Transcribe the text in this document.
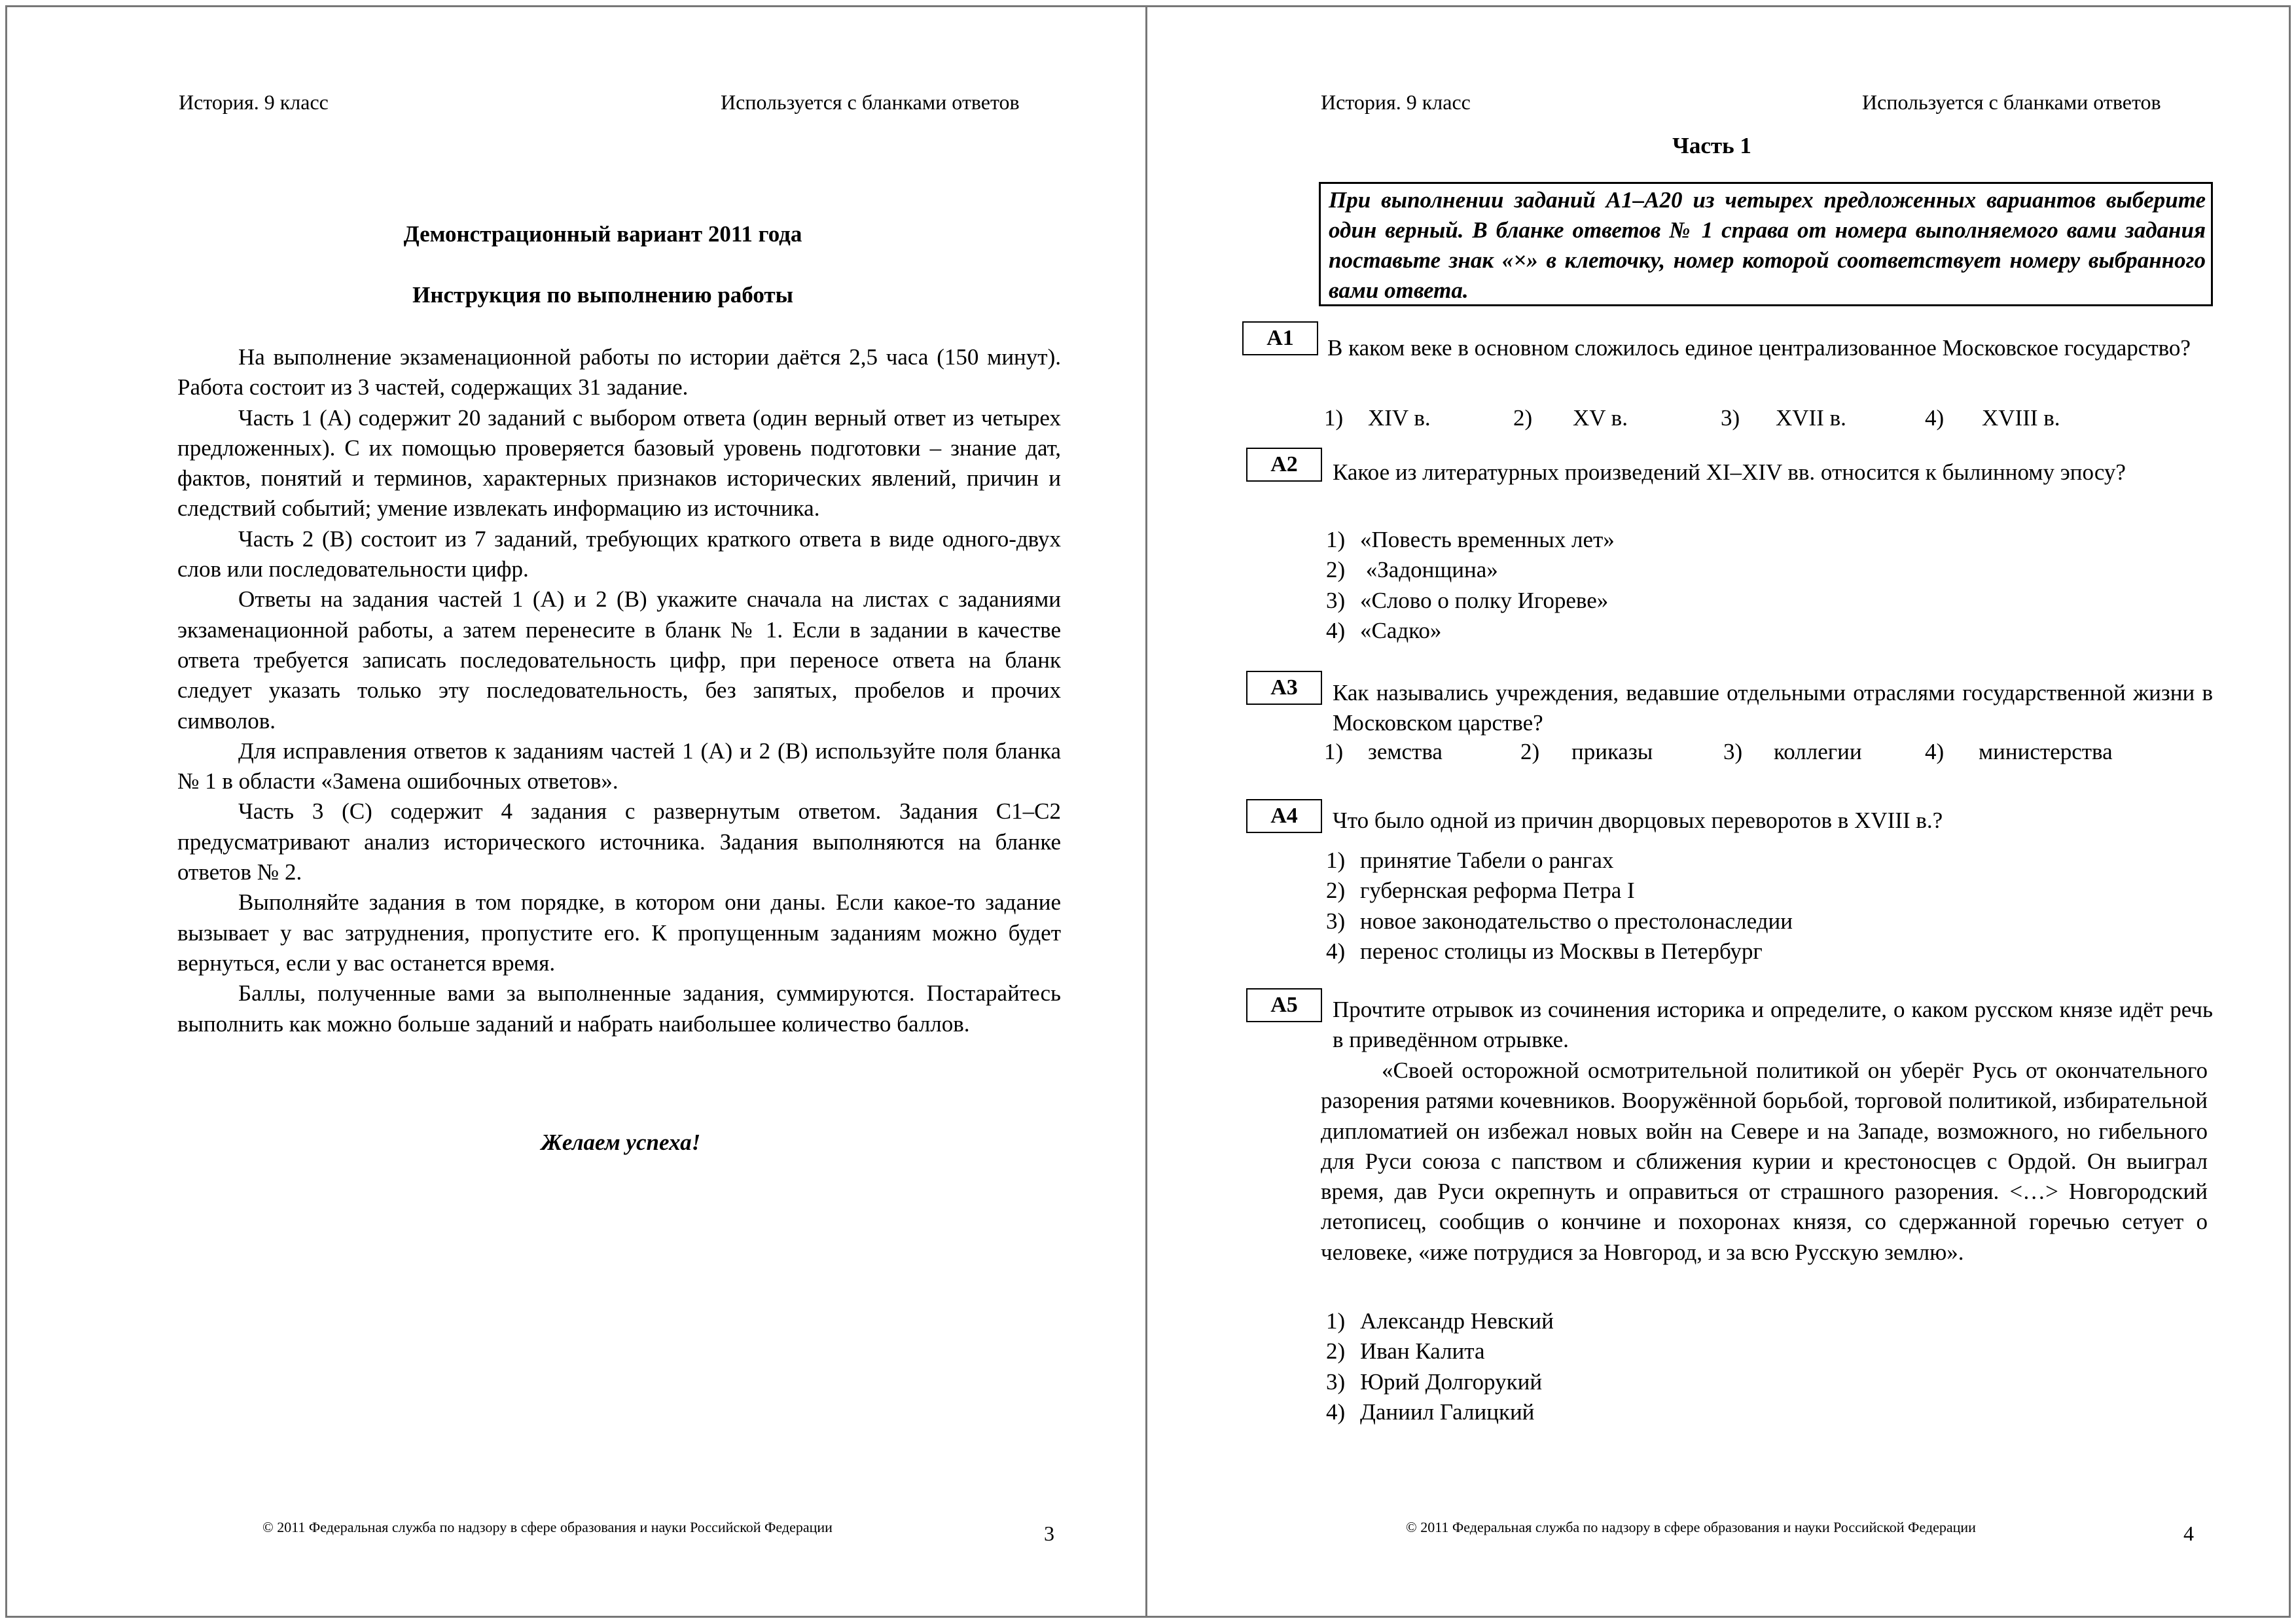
История. 9 класс	Используется с бланками ответов
Демонстрационный вариант 2011 года
Инструкция по выполнению работы

На выполнение экзаменационной работы по истории даётся 2,5 часа (150 минут). Работа состоит из 3 частей, содержащих 31 задание.

Часть 1 (А) содержит 20 заданий с выбором ответа (один верный ответ из четырех предложенных). С их помощью проверяется базовый уровень подготовки – знание дат, фактов, понятий и терминов, характерных признаков исторических явлений, причин и следствий событий; умение извлекать информацию из источника.

Часть 2 (В) состоит из 7 заданий, требующих краткого ответа в виде одного-двух слов или последовательности цифр.

Ответы на задания частей 1 (А) и 2 (В) укажите сначала на листах с заданиями экзаменационной работы, а затем перенесите в бланк № 1. Если в задании в качестве ответа требуется записать последовательность цифр, при переносе ответа на бланк следует указать только эту последовательность, без запятых, пробелов и прочих символов.

Для исправления ответов к заданиям частей 1 (А) и 2 (В) используйте поля бланка № 1 в области «Замена ошибочных ответов».

Часть 3 (С) содержит 4 задания с развернутым ответом. Задания С1–С2 предусматривают анализ исторического источника. Задания выполняются на бланке ответов № 2.

Выполняйте задания в том порядке, в котором они даны. Если какое-то задание вызывает у вас затруднения, пропустите его. К пропущенным заданиям можно будет вернуться, если у вас останется время.

Баллы, полученные вами за выполненные задания, суммируются. Постарайтесь выполнить как можно больше заданий и набрать наибольшее количество баллов.

Желаем успеха!
© 2011 Федеральная служба по надзору в сфере образования и науки Российской Федерации	3
История. 9 класс	Используется с бланками ответов
Часть 1
При выполнении заданий А1–А20 из четырех предложенных вариантов выберите один верный. В бланке ответов № 1 справа от номера выполняемого вами задания поставьте знак «×» в клеточку, номер которой соответствует номеру выбранного вами ответа.
А1	В каком веке в основном сложилось единое централизованное Московское государство?
1) XIV в.	2) XV в.	3) XVII в.	4) XVIII в.
А2	Какое из литературных произведений XI–XIV вв. относится к былинному эпосу?
1) «Повесть временных лет»
2) «Задонщина»
3) «Слово о полку Игореве»
4) «Садко»
А3	Как назывались учреждения, ведавшие отдельными отраслями государственной жизни в Московском царстве?
1) земства	2) приказы	3) коллегии	4) министерства
А4	Что было одной из причин дворцовых переворотов в XVIII в.?
1) принятие Табели о рангах
2) губернская реформа Петра I
3) новое законодательство о престолонаследии
4) перенос столицы из Москвы в Петербург
А5	Прочтите отрывок из сочинения историка и определите, о каком русском князе идёт речь в приведённом отрывке.
«Своей осторожной осмотрительной политикой он уберёг Русь от окончательного разорения ратями кочевников. Вооружённой борьбой, торговой политикой, избирательной дипломатией он избежал новых войн на Севере и на Западе, возможного, но гибельного для Руси союза с папством и сближения курии и крестоносцев с Ордой. Он выиграл время, дав Руси окрепнуть и оправиться от страшного разорения. <…> Новгородский летописец, сообщив о кончине и похоронах князя, со сдержанной горечью сетует о человеке, «иже потрудися за Новгород, и за всю Русскую землю».
1) Александр Невский
2) Иван Калита
3) Юрий Долгорукий
4) Даниил Галицкий
© 2011 Федеральная служба по надзору в сфере образования и науки Российской Федерации	4
